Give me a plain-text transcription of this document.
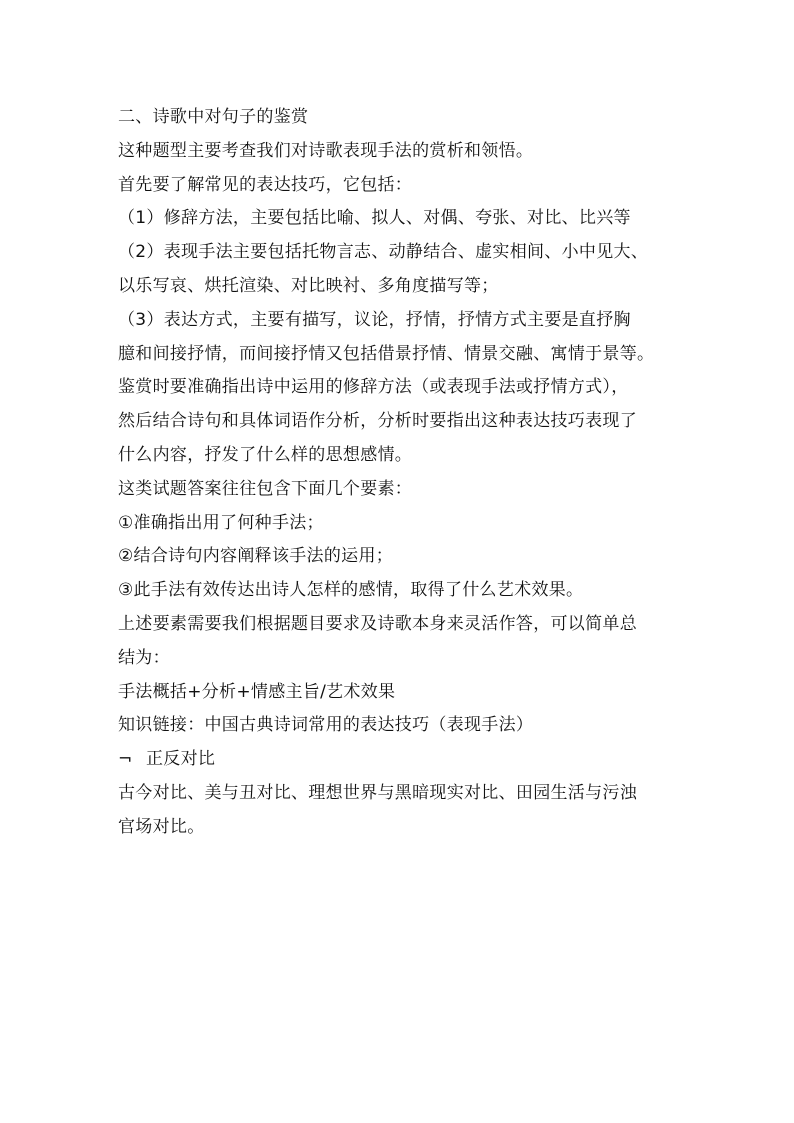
二、诗歌中对句子的鉴赏
这种题型主要考查我们对诗歌表现手法的赏析和领悟。
首先要了解常见的表达技巧，它包括：
（1）修辞方法，主要包括比喻、拟人、对偶、夸张、对比、比兴等
（2）表现手法主要包括托物言志、动静结合、虚实相间、小中见大、
以乐写哀、烘托渲染、对比映衬、多角度描写等；
（3）表达方式，主要有描写，议论，抒情，抒情方式主要是直抒胸
臆和间接抒情，而间接抒情又包括借景抒情、情景交融、寓情于景等。
鉴赏时要准确指出诗中运用的修辞方法（或表现手法或抒情方式），
然后结合诗句和具体词语作分析，分析时要指出这种表达技巧表现了
什么内容，抒发了什么样的思想感情。
这类试题答案往往包含下面几个要素：
①准确指出用了何种手法；
②结合诗句内容阐释该手法的运用；
③此手法有效传达出诗人怎样的感情，取得了什么艺术效果。
上述要素需要我们根据题目要求及诗歌本身来灵活作答，可以简单总
结为：
手法概括+分析+情感主旨/艺术效果
知识链接：中国古典诗词常用的表达技巧（表现手法）
¬ 正反对比
古今对比、美与丑对比、理想世界与黑暗现实对比、田园生活与污浊
官场对比。
